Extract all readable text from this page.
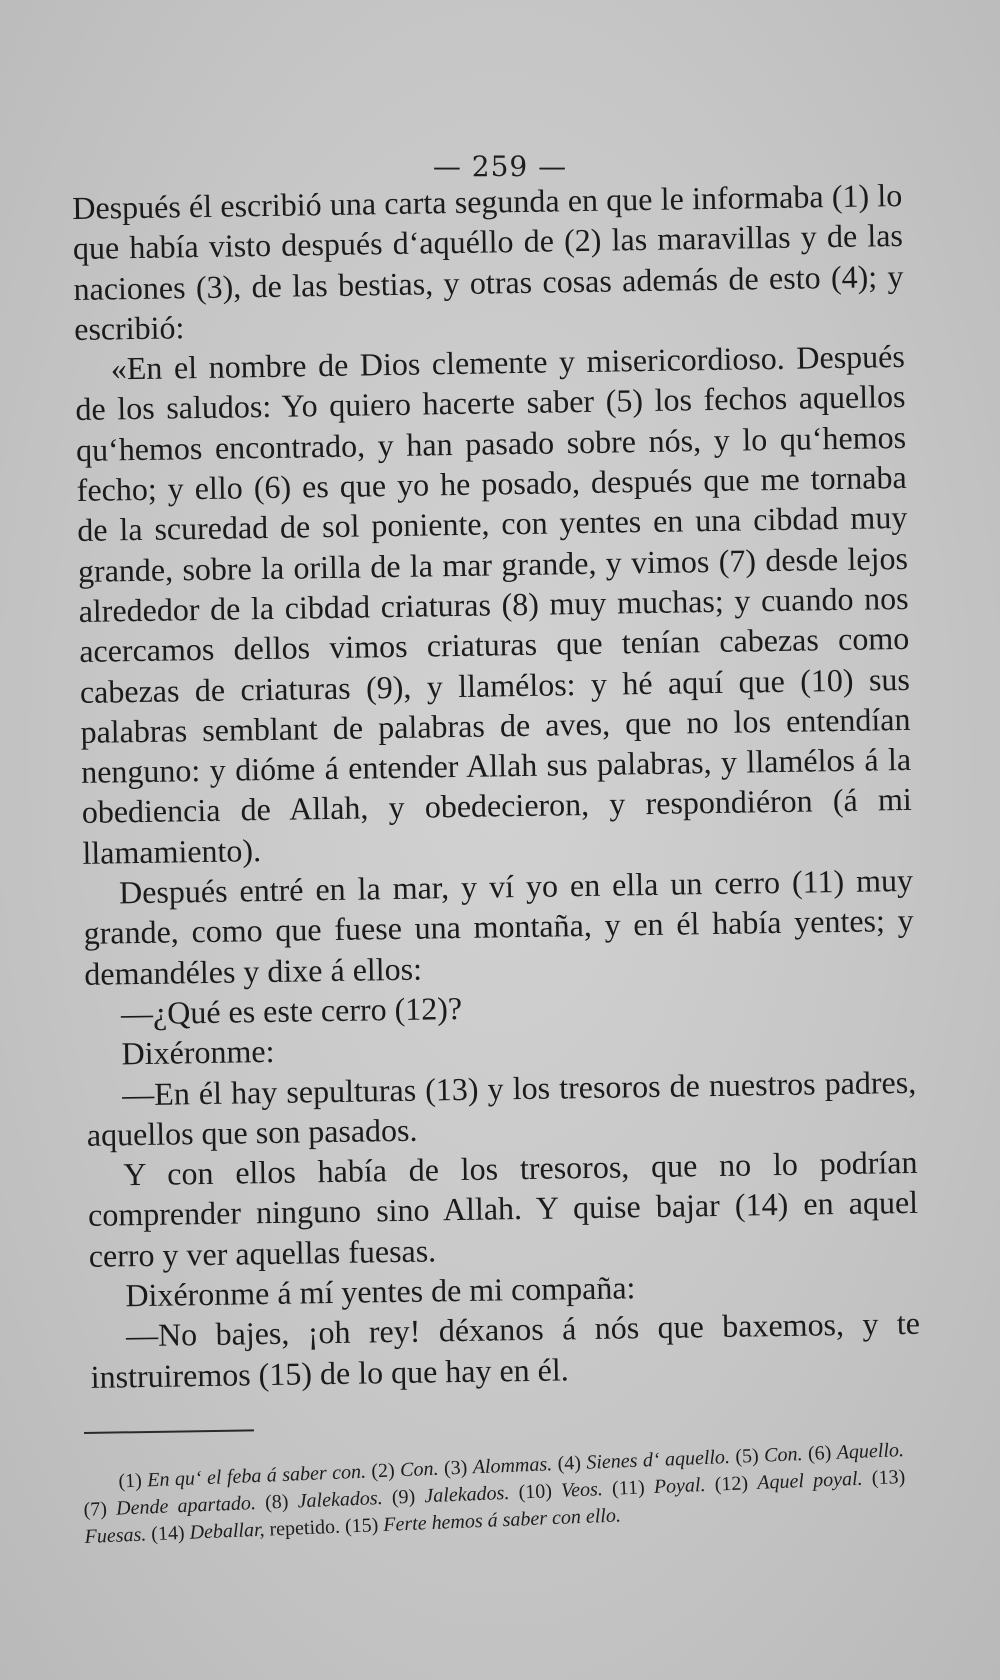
— 259 —

Después él escribió una carta segunda en que le informaba (1) lo que había visto después d‘aquéllo de (2) las maravillas y de las naciones (3), de las bestias, y otras cosas además de esto (4); y escribió:

«En el nombre de Dios clemente y misericordioso. Después de los saludos: Yo quiero hacerte saber (5) los fechos aquellos qu‘hemos encontrado, y han pasado sobre nós, y lo qu‘hemos fecho; y ello (6) es que yo he posado, después que me tornaba de la scuredad de sol poniente, con yentes en una cibdad muy grande, sobre la orilla de la mar grande, y vimos (7) desde lejos alrededor de la cibdad criaturas (8) muy muchas; y cuando nos acercamos dellos vimos criaturas que tenían cabezas como cabezas de criaturas (9), y llamélos: y hé aquí que (10) sus palabras semblant de palabras de aves, que no los entendían nenguno: y dióme á entender Allah sus palabras, y llamélos á la obediencia de Allah, y obedecieron, y respondiéron (á mi llamamiento).

Después entré en la mar, y ví yo en ella un cerro (11) muy grande, como que fuese una montaña, y en él había yentes; y demandéles y dixe á ellos:

—¿Qué es este cerro (12)?

Dixéronme:

—En él hay sepulturas (13) y los tresoros de nuestros padres, aquellos que son pasados.

Y con ellos había de los tresoros, que no lo podrían comprender ninguno sino Allah. Y quise bajar (14) en aquel cerro y ver aquellas fuesas.

Dixéronme á mí yentes de mi compaña:

—No bajes, ¡oh rey! déxanos á nós que baxemos, y te instruiremos (15) de lo que hay en él.

(1) En qu‘ el feba á saber con. (2) Con. (3) Alommas. (4) Sienes d‘ aquello. (5) Con. (6) Aquello. (7) Dende apartado. (8) Jalekados. (9) Jalekados. (10) Veos. (11) Poyal. (12) Aquel poyal. (13) Fuesas. (14) Deballar, repetido. (15) Ferte hemos á saber con ello.
